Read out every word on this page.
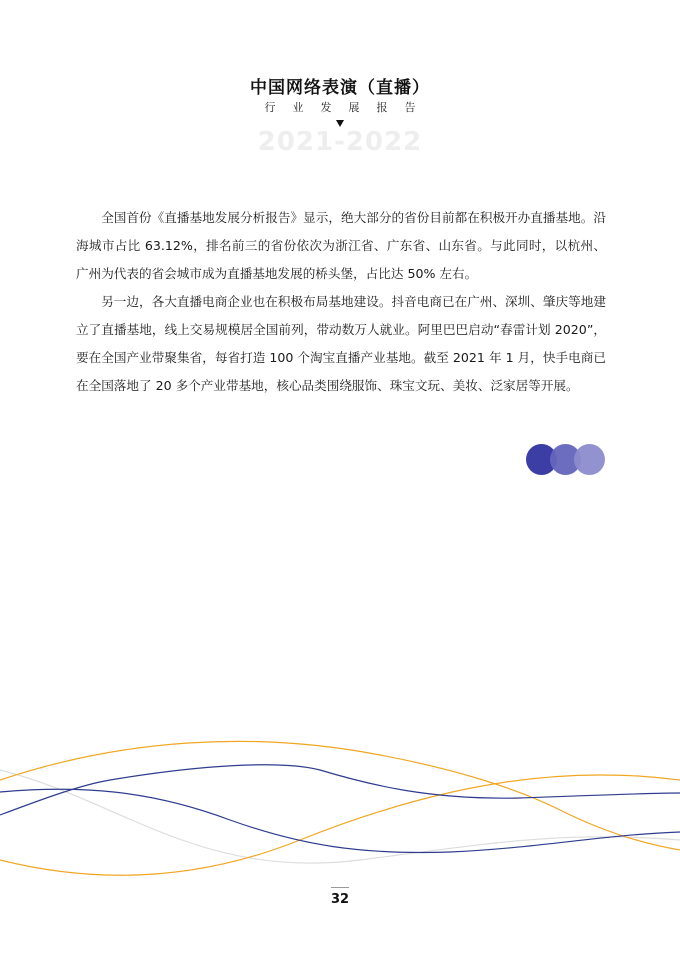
中国网络表演（直播）
行业发展报告
2021-2022

全国首份《直播基地发展分析报告》显示，绝大部分的省份目前都在积极开办直播基地。沿海城市占比 63.12%，排名前三的省份依次为浙江省、广东省、山东省。与此同时，以杭州、广州为代表的省会城市成为直播基地发展的桥头堡，占比达 50% 左右。

另一边，各大直播电商企业也在积极布局基地建设。抖音电商已在广州、深圳、肇庆等地建立了直播基地，线上交易规模居全国前列，带动数万人就业。阿里巴巴启动“春雷计划 2020”，要在全国产业带聚集省，每省打造 100 个淘宝直播产业基地。截至 2021 年 1 月，快手电商已在全国落地了 20 多个产业带基地，核心品类围绕服饰、珠宝文玩、美妆、泛家居等开展。

32
